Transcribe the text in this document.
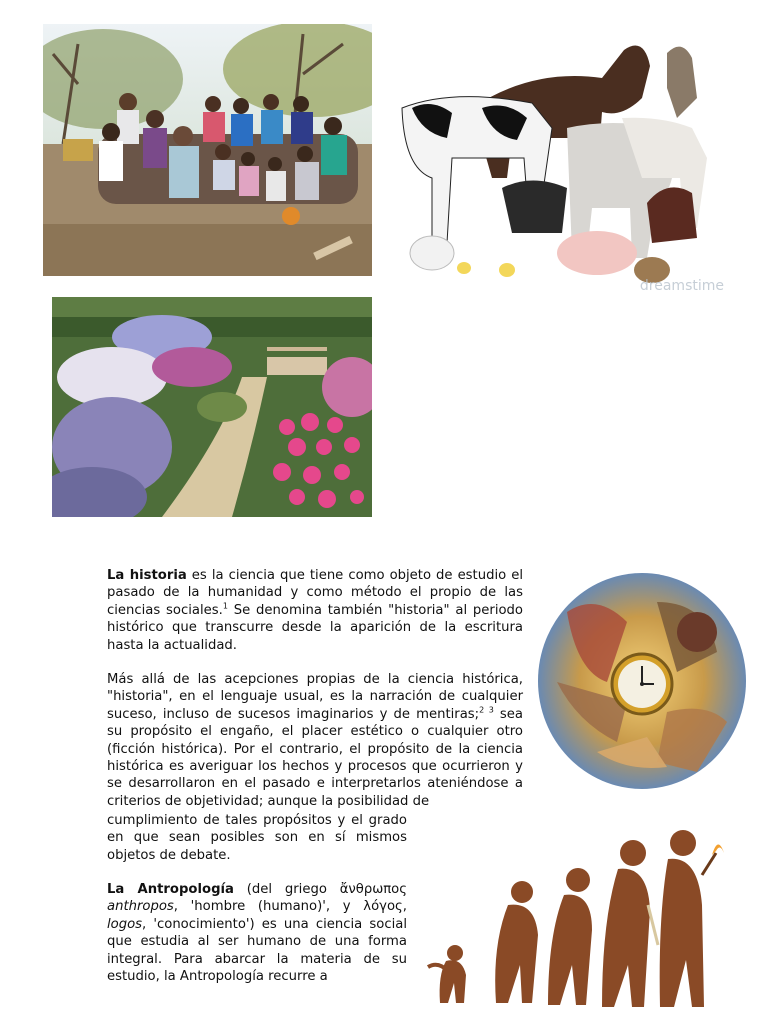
dreamstime

La historia es la ciencia que tiene como objeto de estudio el pasado de la humanidad y como método el propio de las ciencias sociales.$^1$ Se denomina también "historia" al periodo histórico que transcurre desde la aparición de la escritura hasta la actualidad.

Más allá de las acepciones propias de la ciencia histórica, "historia", en el lenguaje usual, es la narración de cualquier suceso, incluso de sucesos imaginarios y de mentiras;$^{2 3}$ sea su propósito el engaño, el placer estético o cualquier otro (ficción histórica). Por el contrario, el propósito de la ciencia histórica es averiguar los hechos y procesos que ocurrieron y se desarrollaron en el pasado e interpretarlos ateniéndose a criterios de objetividad; aunque la posibilidad de

cumplimiento de tales propósitos y el grado en que sean posibles son en sí mismos objetos de debate.

La Antropología (del griego ἄνθρωπος anthropos, 'hombre (humano)', y λόγος, logos, 'conocimiento') es una ciencia social que estudia al ser humano de una forma integral. Para abarcar la materia de su estudio, la Antropología recurre a
